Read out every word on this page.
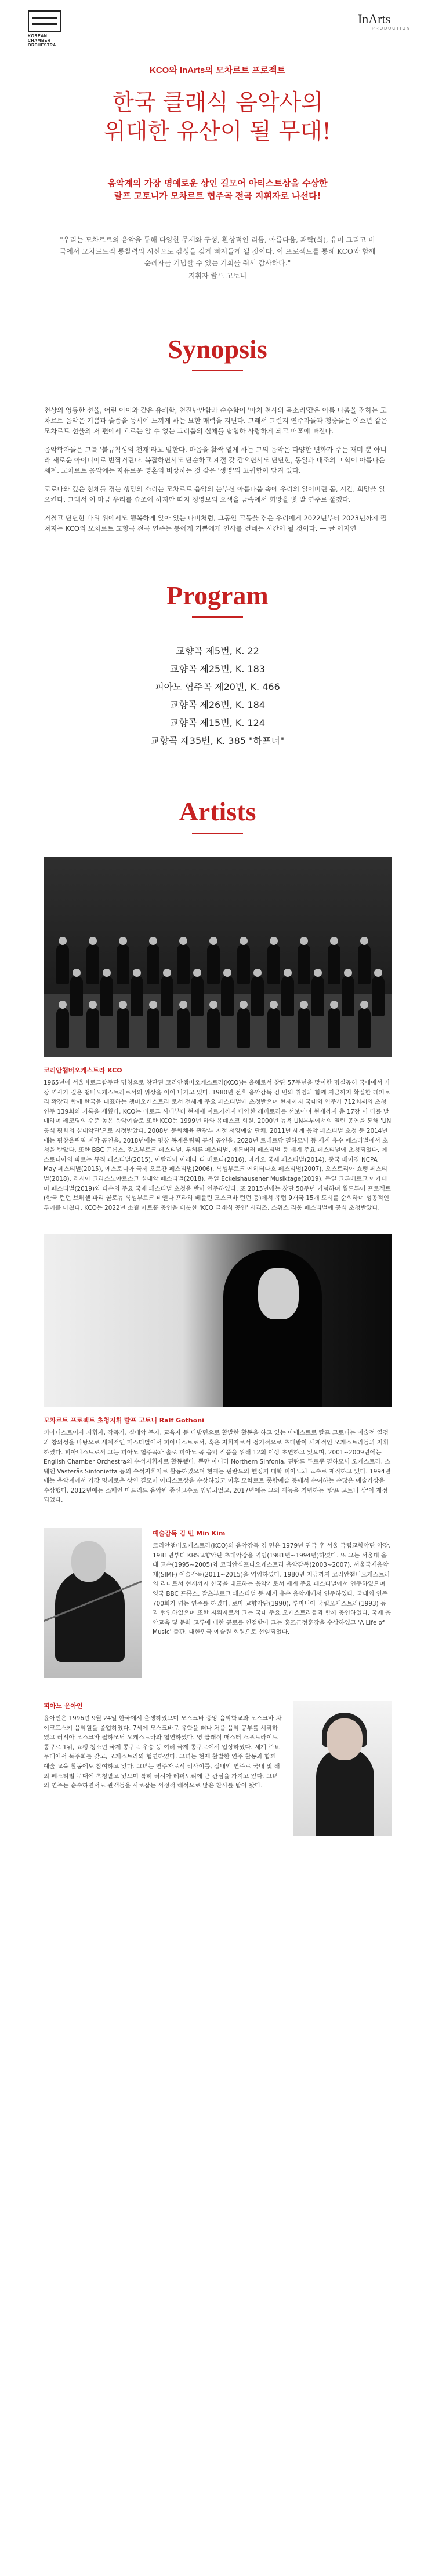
KOREAN CHAMBER ORCHESTRA
InArts
PRODUCTION
KCO와 InArts의 모차르트 프로젝트
한국 클래식 음악사의
위대한 유산이 될 무대!
음악계의 가장 명예로운 상인 길모어 아티스트상을 수상한
랄프 고토니가 모차르트 협주곡 전곡 지휘자로 나선다!
"우리는 모차르트의 음악을 통해 다양한 주제와 구성, 환상적인 리듬, 아름다움, 쾌락(희), 유머 그리고 비극에서 모차르트적 통찰력의 시선으로 감성을 깊게 빠져들게 될 것이다. 이 프로젝트를 통해 KCO와 함께 순례자를 기념할 수 있는 기회를 줘서 감사하다."
— 지휘자 랄프 고토니 —
Synopsis

천상의 영롱한 선율, 어린 아이와 같은 유쾌함, 천진난만함과 순수함이 '마치 천사의 목소리'같은 아름 다움을 전하는 모차르트 음악은 기쁨과 슬픔을 동시에 느끼게 하는 묘한 매력을 지닌다. 그래서 그런지 연주자들과 청중들은 이소년 같은 모차르트 선율의 저 편에서 흐르는 알 수 없는 그리움의 실체를 탐험하 사랑하게 되고 매혹에 빠진다.

음악학자들은 그를 '불규칙성의 천재'라고 말한다. 마음을 활짝 열게 하는 그의 음악은 다양한 변화가 주는 재미 뿐 아니라 새로운 아이디어로 반짝거린다. 복잡하면서도 단순하고 계절 갖 같으면서도 단단한, 통일과 대조의 미학이 아름다운 세계. 모차르트 음악에는 자유로운 영혼의 비상하는 것 같은 '생명'의 고귀함이 담겨 있다.

코로나와 깊은 침체를 겪는 생명의 소리는 모차르트 음악의 눈부신 아름다움 속에 우리의 일어버린 몸, 시간, 희망을 일으킨다. 그래서 이 마금 우리를 습조에 하지만 따지 정영보의 오색을 금속에서 희망을 빛 발 연주로 풀겠다.

거칠고 단단한 바위 위에서도 행복하게 앉아 있는 나비처럼, 그동안 고통을 겪은 우리에게 2022년부터 2023년까지 펼쳐지는 KCO의 모차르트 교향곡 전곡 연주는 통에게 기쁨에게 인사를 건네는 시간이 될 것이다. — 글 이지연

Program
교향곡 제5번, K. 22
교향곡 제25번, K. 183
피아노 협주곡 제20번, K. 466
교향곡 제26번, K. 184
교향곡 제15번, K. 124
교향곡 제35번, K. 385 "하프너"
Artists
코리안챔버오케스트라 KCO
1965년에 서울바로크합주단 명칭으로 창단된 코리안챔버오케스트라(KCO)는 올해로서 창단 57주년을 맞이한 명실공히 국내에서 가장 역사가 깊은 챔버오케스트라로서의 위상을 이어 나가고 있다. 1980년 전후 음악감독 김 민의 취임과 함께 지금까지 확실한 레퍼토리 확장과 함께 한국을 대표하는 챔버오케스트라 로서 전세계 주요 페스티벌에 초청받으며 현재까지 국내외 연주가 712회째의 초청연주 139회의 기록을 세웠다. KCO는 바로크 시대부터 현재에 이르기까지 다양한 레퍼토리를 선보이며 현재까지 총 17장 이 다를 발매하며 레코딩의 수준 높은 음악예술로 또한 KCO는 1999년 하와 유네스코 회원, 2000년 뉴욕 UN본부에서의 열린 공연을 통해 'UN 공식 평화의 실내악단'으로 지정받았다. 2008년 문화체육 관광부 지정 서양예술 단체, 2011년 세계 음악 페스티벌 초청 등 2014년에는 평창올림픽 폐막 공연을, 2018년에는 평창 동계올림픽 공식 공연을, 2020년 로테르담 필하모닉 등 세계 유수 페스티벌에서 초청을 받았다. 또한 BBC 프롬스, 잘츠부르크 페스티벌, 루체른 페스티벌, 에든버러 페스티벌 등 세계 주요 페스티벌에 초청되었다. 에스토니아의 파르누 뮤직 페스티벌(2015), 이탈리아 아레나 디 베로나(2016), 마카오 국제 페스티벌(2014), 중국 베이징 NCPA May 페스티벌(2015), 에스토니아 국제 오르간 페스티벌(2006), 룩셈부르크 에히터나흐 페스티벌(2007), 오스트리아 쇼팽 페스티벌(2018), 러시아 크라스노야르스크 실내악 페스티벌(2018), 독일 Eckelshausener Musiktage(2019), 독일 크론베르크 아카데미 페스티벌(2019)와 다수의 주요 국제 페스티벌 초청을 받아 연주하였다. 또 2015년에는 창단 50주년 기념하며 월드투어 프로젝트(한국 런던 브뤼셀 파리 콜로뉴 룩셈부르크 비엔나 프라하 베를린 모스크바 런던 등)에서 유럽 9개국 15개 도시를 순회하며 성공적인 투어를 마쳤다. KCO는 2022년 소월 아트홀 공연을 비롯한 'KCO 클래식 공연' 시리즈, 스위스 리옹 페스티벌에 공식 초청받았다.
모차르트 프로젝트 초청지휘 랄프 고토니 Ralf Gothoni
피아니스트이자 지휘자, 작곡가, 실내악 주자, 교육자 등 다방면으로 활발한 활동을 하고 있는 마에스트로 랄프 고토니는 예술적 열정과 창의성을 바탕으로 세계적인 페스티벌에서 피아니스트로서, 혹은 지휘자로서 정기적으로 초대받아 세계적인 오케스트라들과 지휘하였다. 피아니스트로서 그는 피아노 협주곡과 솔로 피아노 곡 음악 작품을 위해 12회 이상 초연하고 있으며, 2001~2009년에는 English Chamber Orchestra의 수석지휘자로 활동했다. 뿐만 아니라 Northern Sinfonia, 핀란드 투르쿠 필하모닉 오케스트라, 스웨덴 Västerås Sinfonietta 등의 수석지휘자로 활동하였으며 현재는 핀란드의 헬싱키 대학 피아노과 교수로 재직하고 있다. 1994년에는 음악계에서 가장 명예로운 상인 길모어 아티스트상을 수상하였고 이후 모차르트 종합예술 등에서 수여하는 수많은 예술가상을 수상했다. 2012년에는 스페인 마드리드 음악원 종신교수로 임명되었고, 2017년에는 그의 재능을 기념하는 '랄프 고토니 상'이 제정되었다.
예술감독 김 민 Min Kim
코리안챔버오케스트라(KCO)의 음악감독 김 민은 1979년 귀국 후 서울 국립교향악단 악장, 1981년부터 KBS교향악단 초대악장을 역임(1981년~1994년)하였다. 또 그는 서울대 음대 교수(1995~2005)와 코리안심포니오케스트라 음악감독(2003~2007), 서울국제음악제(SIMF) 예술감독(2011~2015)을 역임하였다. 1980년 지금까지 코리안챔버오케스트라의 리더로서 현재까지 한국을 대표하는 음악가로서 세계 주요 페스티벌에서 연주하였으며 영국 BBC 프롬스, 잘츠부르크 페스티벌 등 세계 유수 음악제에서 연주하였다. 국내외 연주 700회가 넘는 연주를 하였다. 로마 교향악단(1990), 루마니아 국립오케스트라(1993) 등과 협연하였으며 또한 지휘자로서 그는 국내 주요 오케스트라들과 함께 공연하였다. 국제 음악교육 및 문화 교류에 대한 공로를 인정받아 그는 홍조근정훈장을 수상하였고 'A Life of Music' 출판, 대한민국 예술원 회원으로 선임되었다.
피아노 윤아인
윤아인은 1996년 9월 24일 한국에서 출생하였으며 모스크바 중앙 음악학교와 모스크바 차이코프스키 음악원을 졸업하였다. 7세에 모스크바로 유학을 떠나 처음 음악 공부를 시작하였고 러시아 모스크바 필하모닉 오케스트라와 협연하였다. 영 클래식 매스터 스포트라이트 콩쿠르 1위, 쇼팽 청소년 국제 콩쿠르 우승 등 여러 국제 콩쿠르에서 입상하였다. 세계 주요 무대에서 독주회를 갖고, 오케스트라와 협연하였다. 그녀는 현재 활발한 연주 활동과 함께 예술 교육 활동에도 참여하고 있다. 그녀는 연주자로서 리사이틀, 실내악 연주로 국내 및 해외 페스티벌 무대에 초청받고 있으며 특히 러시아 레퍼토리에 큰 관심을 가지고 있다. 그녀의 연주는 순수하면서도 관객들을 사로잡는 서정적 해석으로 많은 찬사를 받아 왔다.
